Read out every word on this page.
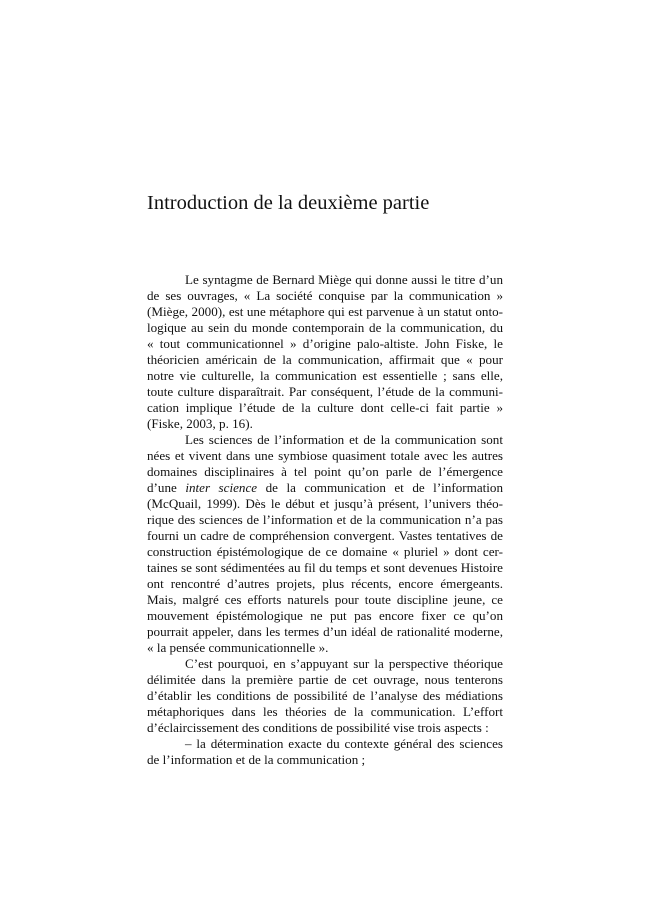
Introduction de la deuxième partie
Le syntagme de Bernard Miège qui donne aussi le titre d’un
de ses ouvrages, « La société conquise par la communication »
(Miège, 2000), est une métaphore qui est parvenue à un statut onto-
logique au sein du monde contemporain de la communication, du
« tout communicationnel » d’origine palo-altiste. John Fiske, le
théoricien américain de la communication, affirmait que « pour
notre vie culturelle, la communication est essentielle ; sans elle,
toute culture disparaîtrait. Par conséquent, l’étude de la communi-
cation implique l’étude de la culture dont celle-ci fait partie »
(Fiske, 2003, p. 16).
Les sciences de l’information et de la communication sont
nées et vivent dans une symbiose quasiment totale avec les autres
domaines disciplinaires à tel point qu’on parle de l’émergence
d’une inter science de la communication et de l’information
(McQuail, 1999). Dès le début et jusqu’à présent, l’univers théo-
rique des sciences de l’information et de la communication n’a pas
fourni un cadre de compréhension convergent. Vastes tentatives de
construction épistémologique de ce domaine « pluriel » dont cer-
taines se sont sédimentées au fil du temps et sont devenues Histoire
ont rencontré d’autres projets, plus récents, encore émergeants.
Mais, malgré ces efforts naturels pour toute discipline jeune, ce
mouvement épistémologique ne put pas encore fixer ce qu’on
pourrait appeler, dans les termes d’un idéal de rationalité moderne,
« la pensée communicationnelle ».
C’est pourquoi, en s’appuyant sur la perspective théorique
délimitée dans la première partie de cet ouvrage, nous tenterons
d’établir les conditions de possibilité de l’analyse des médiations
métaphoriques dans les théories de la communication. L’effort
d’éclaircissement des conditions de possibilité vise trois aspects :
– la détermination exacte du contexte général des sciences
de l’information et de la communication ;
